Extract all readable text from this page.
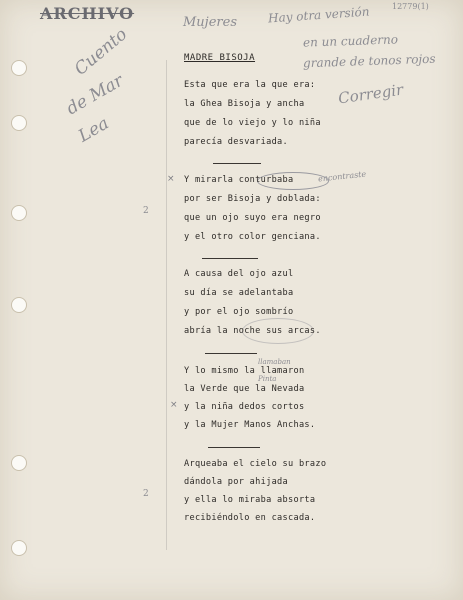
ARCHIVO	12779(1)
Mujeres	Hay otra versión
en un cuaderno
grande de tonos rojos
Cuento
de Mar
Lea
Corregir
encontraste
llamaban
Pinta
2
2
×
×
MADRE BISOJA
Esta que era la que era:
la Ghea Bisoja y ancha
que de lo viejo y lo niña
parecía desvariada.
Y mirarla conturbaba
por ser Bisoja y doblada:
que un ojo suyo era negro
y el otro color genciana.
A causa del ojo azul
su día se adelantaba
y por el ojo sombrío
abría la noche sus arcas.
Y lo mismo la llamaron
la Verde que la Nevada
y la niña dedos cortos
y la Mujer Manos Anchas.
Arqueaba el cielo su brazo
dándola por ahijada
y ella lo miraba absorta
recibiéndolo en cascada.
